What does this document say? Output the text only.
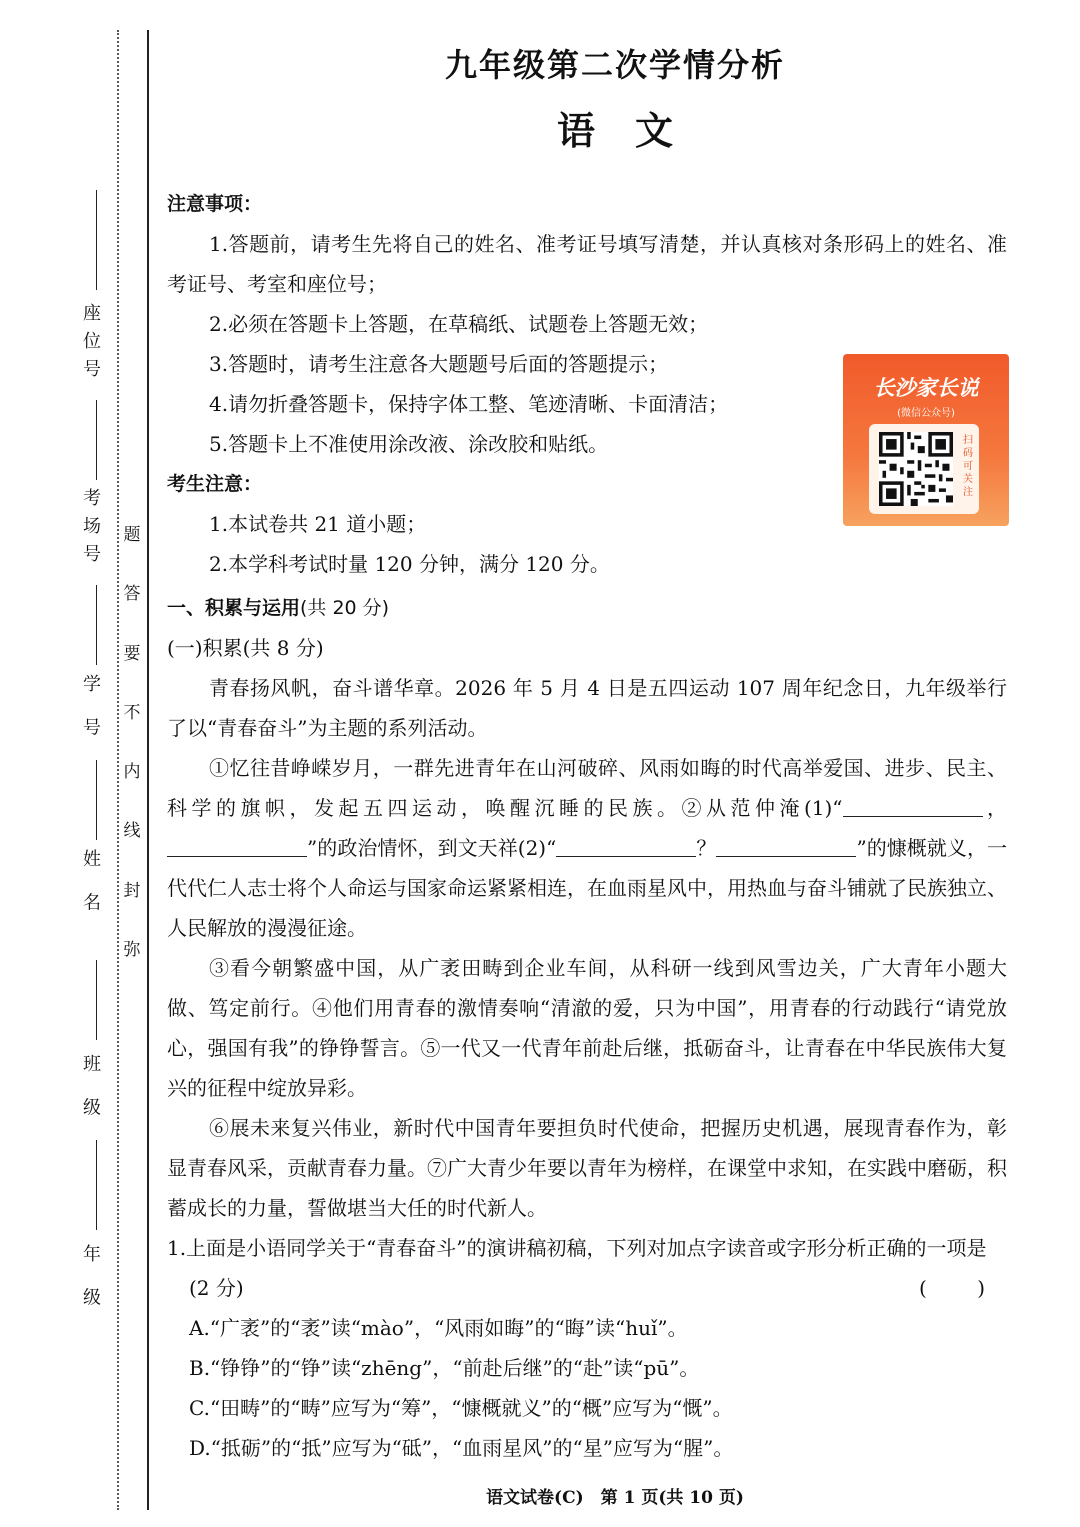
座位号
考场号
学 号
姓 名
班 级
年 级
题
答
要
不
内
线
封
弥
九年级第二次学情分析
语文
长沙家长说
(微信公众号)
扫码可关注
注意事项：

1.答题前，请考生先将自己的姓名、准考证号填写清楚，并认真核对条形码上的姓名、准考证号、考室和座位号；

2.必须在答题卡上答题，在草稿纸、试题卷上答题无效；

3.答题时，请考生注意各大题题号后面的答题提示；

4.请勿折叠答题卡，保持字体工整、笔迹清晰、卡面清洁；

5.答题卡上不准使用涂改液、涂改胶和贴纸。

考生注意：

1.本试卷共 21 道小题；

2.本学科考试时量 120 分钟，满分 120 分。

一、积累与运用(共 20 分)

(一)积累(共 8 分)

青春扬风帆，奋斗谱华章。2026 年 5 月 4 日是五四运动 107 周年纪念日，九年级举行了以“青春奋斗”为主题的系列活动。

①忆往昔峥嵘岁月，一群先进青年在山河破碎、风雨如晦的时代高举爱国、进步、民主、科学的旗帜，发起五四运动，唤醒沉睡的民族。②从范仲淹(1)“	，”的政治情怀，到文天祥(2)“	？	”的慷概就义，一代代仁人志士将个人命运与国家命运紧紧相连，在血雨星风中，用热血与奋斗铺就了民族独立、人民解放的漫漫征途。

③看今朝繁盛中国，从广袤田畴到企业车间，从科研一线到风雪边关，广大青年小题大做、笃定前行。④他们用青春的激情奏响“清澈的爱，只为中国”，用青春的行动践行“请党放心，强国有我”的铮铮誓言。⑤一代又一代青年前赴后继，抵砺奋斗，让青春在中华民族伟大复兴的征程中绽放异彩。

⑥展未来复兴伟业，新时代中国青年要担负时代使命，把握历史机遇，展现青春作为，彰显青春风采，贡献青春力量。⑦广大青少年要以青年为榜样，在课堂中求知，在实践中磨砺，积蓄成长的力量，誓做堪当大任的时代新人。

1.上面是小语同学关于“青春奋斗”的演讲稿初稿，下列对加点字读音或字形分析正确的一项是(2 分)	( )

A.“广袤”的“袤”读“mào”，“风雨如晦”的“晦”读“huǐ”。

B.“铮铮”的“铮”读“zhēng”，“前赴后继”的“赴”读“pū”。

C.“田畴”的“畴”应写为“筹”，“慷概就义”的“概”应写为“慨”。

D.“抵砺”的“抵”应写为“砥”，“血雨星风”的“星”应写为“腥”。

语文试卷(C)　第 1 页(共 10 页)
